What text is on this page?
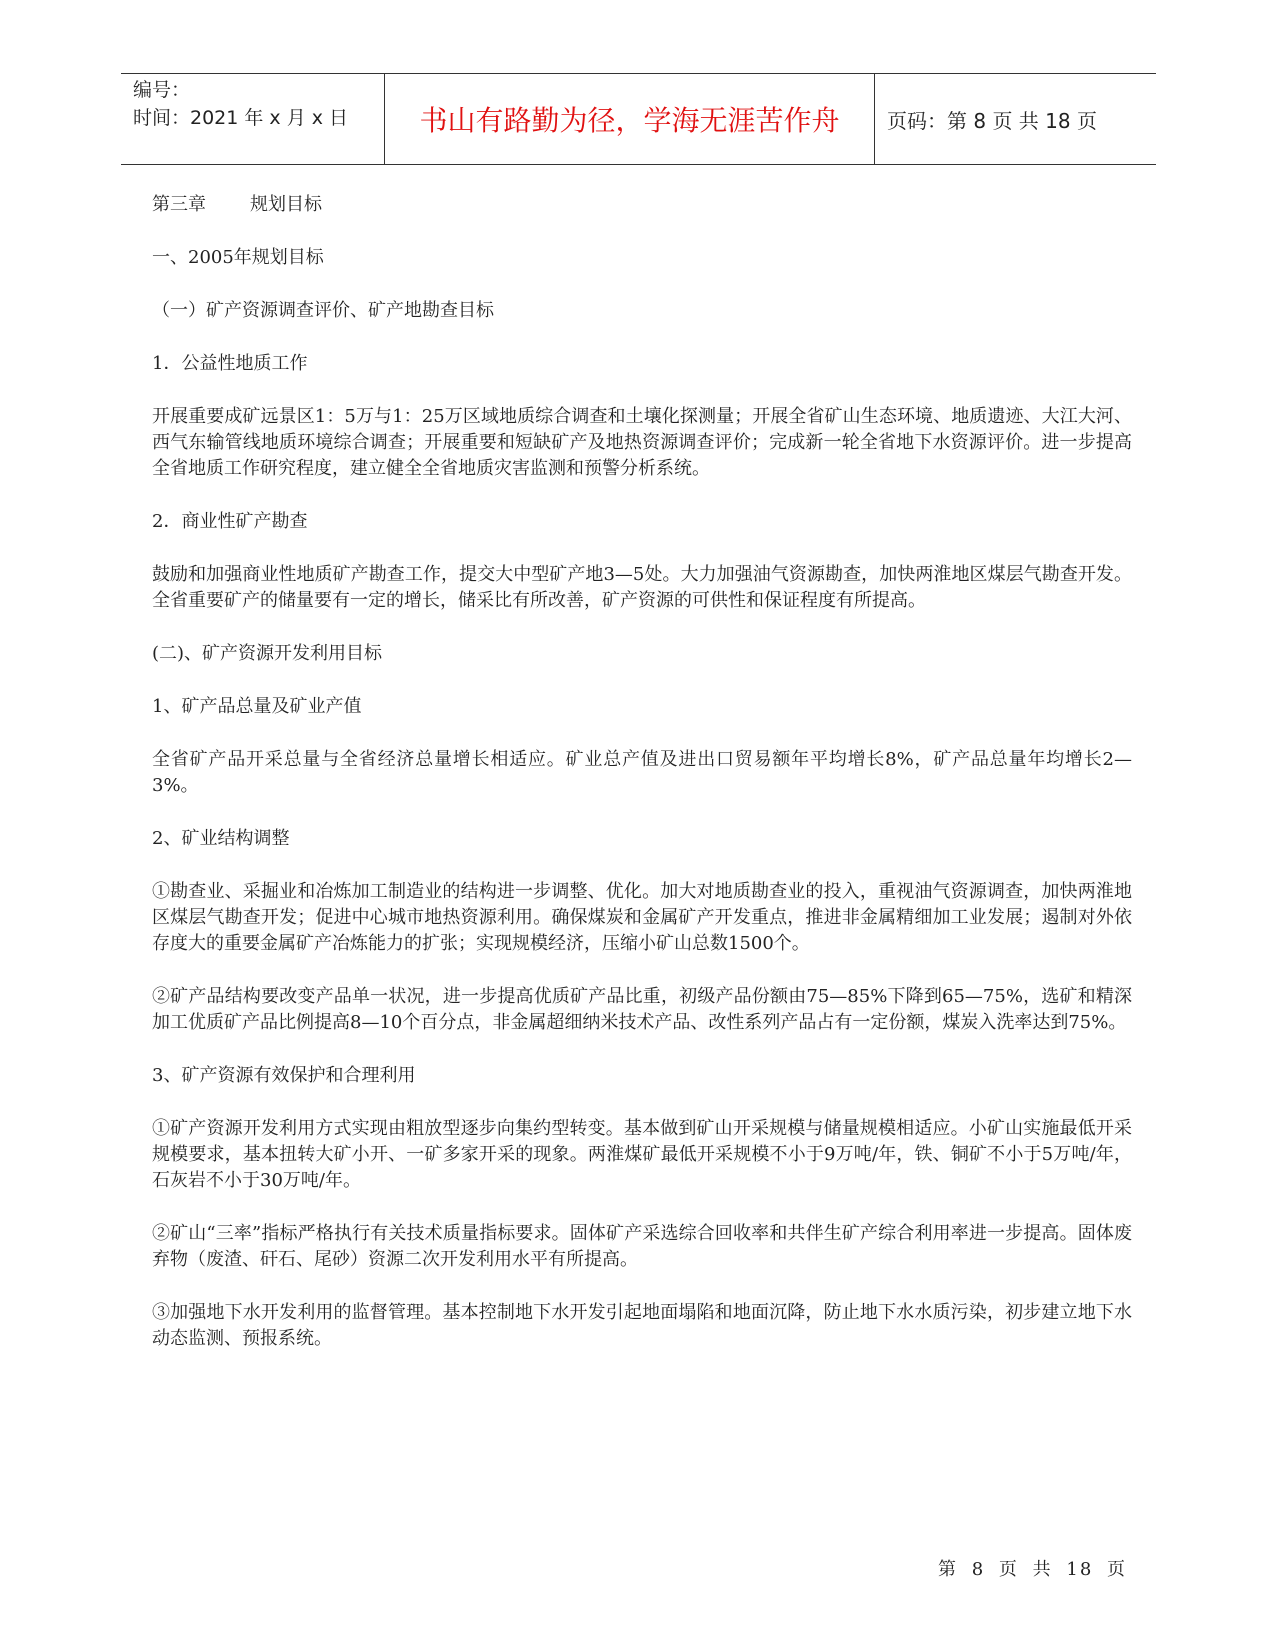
编号：
时间：2021 年 x 月 x 日	书山有路勤为径，学海无涯苦作舟 页码：第 8 页 共 18 页

第三章 规划目标

一、2005年规划目标

（一）矿产资源调查评价、矿产地勘查目标

1．公益性地质工作

开展重要成矿远景区1：5万与1：25万区域地质综合调查和土壤化探测量；开展全省矿山生态环境、地质遗迹、大江大河、西气东输管线地质环境综合调查；开展重要和短缺矿产及地热资源调查评价；完成新一轮全省地下水资源评价。进一步提高全省地质工作研究程度，建立健全全省地质灾害监测和预警分析系统。

2．商业性矿产勘查

鼓励和加强商业性地质矿产勘查工作，提交大中型矿产地3—5处。大力加强油气资源勘查，加快两淮地区煤层气勘查开发。全省重要矿产的储量要有一定的增长，储采比有所改善，矿产资源的可供性和保证程度有所提高。

(二)、矿产资源开发利用目标

1、矿产品总量及矿业产值

全省矿产品开采总量与全省经济总量增长相适应。矿业总产值及进出口贸易额年平均增长8%，矿产品总量年均增长2—3%。

2、矿业结构调整

①勘查业、采掘业和冶炼加工制造业的结构进一步调整、优化。加大对地质勘查业的投入，重视油气资源调查，加快两淮地区煤层气勘查开发；促进中心城市地热资源利用。确保煤炭和金属矿产开发重点，推进非金属精细加工业发展；遏制对外依存度大的重要金属矿产冶炼能力的扩张；实现规模经济，压缩小矿山总数1500个。

②矿产品结构要改变产品单一状况，进一步提高优质矿产品比重，初级产品份额由75—85%下降到65—75%，选矿和精深加工优质矿产品比例提高8—10个百分点，非金属超细纳米技术产品、改性系列产品占有一定份额，煤炭入洗率达到75%。

3、矿产资源有效保护和合理利用

①矿产资源开发利用方式实现由粗放型逐步向集约型转变。基本做到矿山开采规模与储量规模相适应。小矿山实施最低开采规模要求，基本扭转大矿小开、一矿多家开采的现象。两淮煤矿最低开采规模不小于9万吨/年，铁、铜矿不小于5万吨/年，石灰岩不小于30万吨/年。

②矿山“三率”指标严格执行有关技术质量指标要求。固体矿产采选综合回收率和共伴生矿产综合利用率进一步提高。固体废弃物（废渣、矸石、尾砂）资源二次开发利用水平有所提高。

③加强地下水开发利用的监督管理。基本控制地下水开发引起地面塌陷和地面沉降，防止地下水水质污染，初步建立地下水动态监测、预报系统。

第 8 页 共 18 页
